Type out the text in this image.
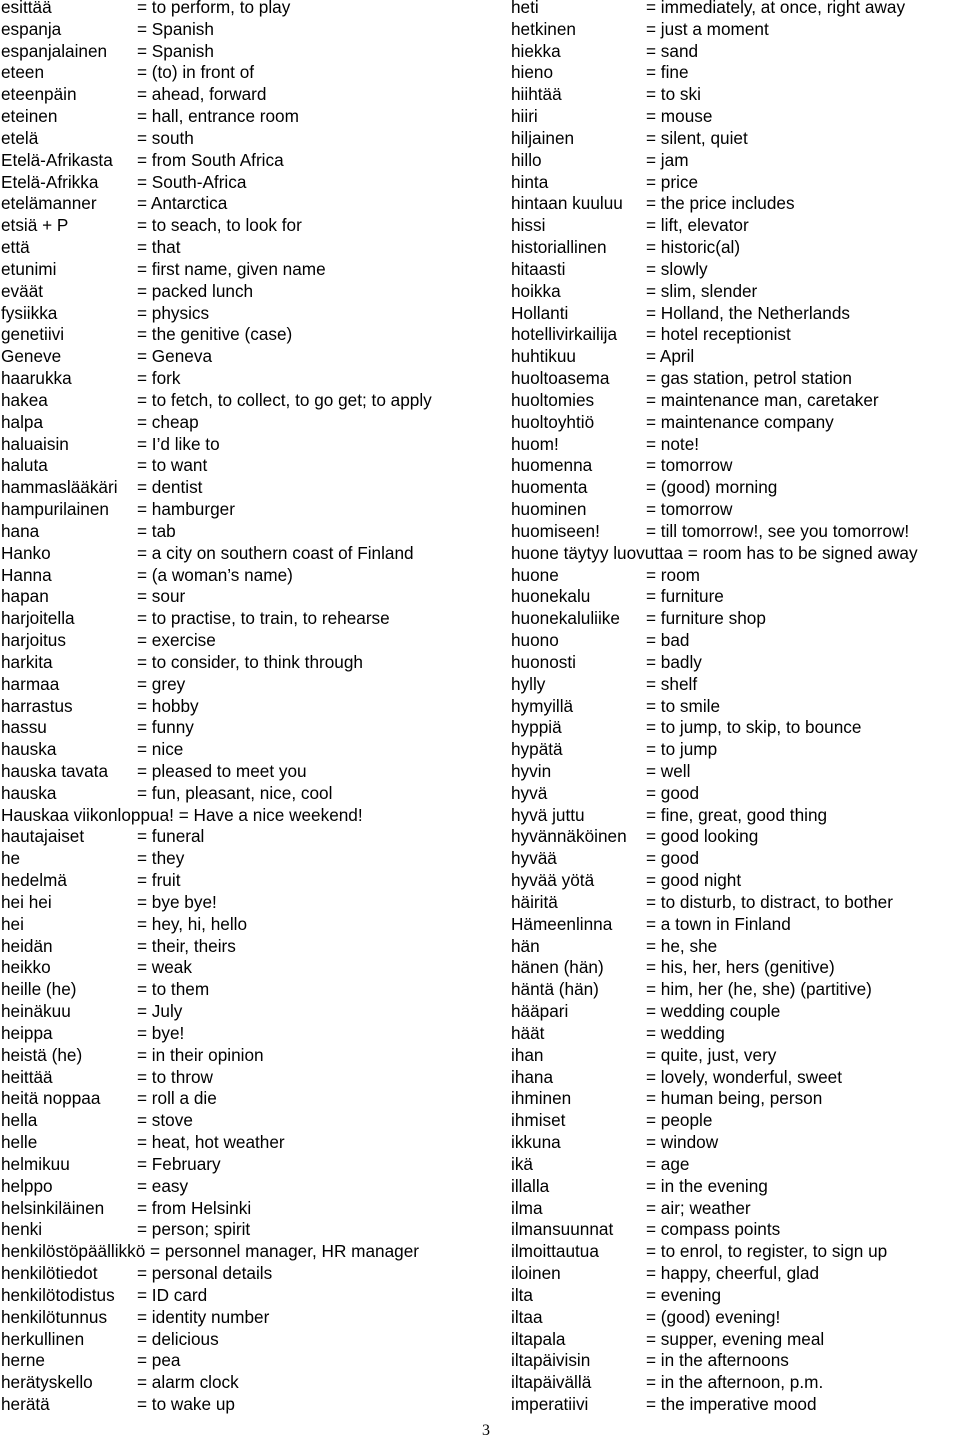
esittää	= to perform, to play
espanja	= Spanish
espanjalainen = Spanish
eteen	= (to) in front of
eteenpäin	= ahead, forward
eteinen	= hall, entrance room
etelä	= south
Etelä-Afrikasta = from South Africa
Etelä-Afrikka = South-Africa
etelämanner = Antarctica
etsiä + P	= to seach, to look for
että	= that
etunimi	= first name, given name
eväät	= packed lunch
fysiikka	= physics
genetiivi	= the genitive (case)
Geneve	= Geneva
haarukka	= fork
hakea	= to fetch, to collect, to go get; to apply
halpa	= cheap
haluaisin	= I’d like to
haluta	= to want
hammaslääkäri = dentist
hampurilainen = hamburger
hana	= tab
Hanko	= a city on southern coast of Finland
Hanna	= (a woman’s name)
hapan	= sour
harjoitella	= to practise, to train, to rehearse
harjoitus	= exercise
harkita	= to consider, to think through
harmaa	= grey
harrastus	= hobby
hassu	= funny
hauska	= nice
hauska tavata = pleased to meet you
hauska	= fun, pleasant, nice, cool
Hauskaa viikonloppua! = Have a nice weekend!
hautajaiset	= funeral
he	= they
hedelmä	= fruit
hei hei	= bye bye!
hei	= hey, hi, hello
heidän	= their, theirs
heikko	= weak
heille (he)	= to them
heinäkuu	= July
heippa	= bye!
heistä (he)	= in their opinion
heittää	= to throw
heitä noppaa = roll a die
hella	= stove
helle	= heat, hot weather
helmikuu	= February
helppo	= easy
helsinkiläinen = from Helsinki
henki	= person; spirit
henkilöstöpäällikkö = personnel manager, HR manager
henkilötiedot = personal details
henkilötodistus = ID card
henkilötunnus = identity number
herkullinen	= delicious
herne	= pea
herätyskello	= alarm clock
herätä	= to wake up
heti	= immediately, at once, right away
hetkinen	= just a moment
hiekka	= sand
hieno	= fine
hiihtää	= to ski
hiiri	= mouse
hiljainen	= silent, quiet
hillo	= jam
hinta	= price
hintaan kuuluu = the price includes
hissi	= lift, elevator
historiallinen = historic(al)
hitaasti	= slowly
hoikka	= slim, slender
Hollanti	= Holland, the Netherlands
hotellivirkailija = hotel receptionist
huhtikuu	= April
huoltoasema = gas station, petrol station
huoltomies	= maintenance man, caretaker
huoltoyhtiö	= maintenance company
huom!	= note!
huomenna	= tomorrow
huomenta	= (good) morning
huominen	= tomorrow
huomiseen!	= till tomorrow!, see you tomorrow!
huone täytyy luovuttaa = room has to be signed away
huone	= room
huonekalu	= furniture
huonekaluliike = furniture shop
huono	= bad
huonosti	= badly
hylly	= shelf
hymyillä	= to smile
hyppiä	= to jump, to skip, to bounce
hypätä	= to jump
hyvin	= well
hyvä	= good
hyvä juttu	= fine, great, good thing
hyvännäköinen = good looking
hyvää	= good
hyvää yötä	= good night
häiritä	= to disturb, to distract, to bother
Hämeenlinna = a town in Finland
hän	= he, she
hänen (hän) = his, her, hers (genitive)
häntä (hän)	= him, her (he, she) (partitive)
hääpari	= wedding couple
häät	= wedding
ihan	= quite, just, very
ihana	= lovely, wonderful, sweet
ihminen	= human being, person
ihmiset	= people
ikkuna	= window
ikä	= age
illalla	= in the evening
ilma	= air; weather
ilmansuunnat = compass points
ilmoittautua	= to enrol, to register, to sign up
iloinen	= happy, cheerful, glad
ilta	= evening
iltaa	= (good) evening!
iltapala	= supper, evening meal
iltapäivisin	= in the afternoons
iltapäivällä	= in the afternoon, p.m.
imperatiivi	= the imperative mood
3
